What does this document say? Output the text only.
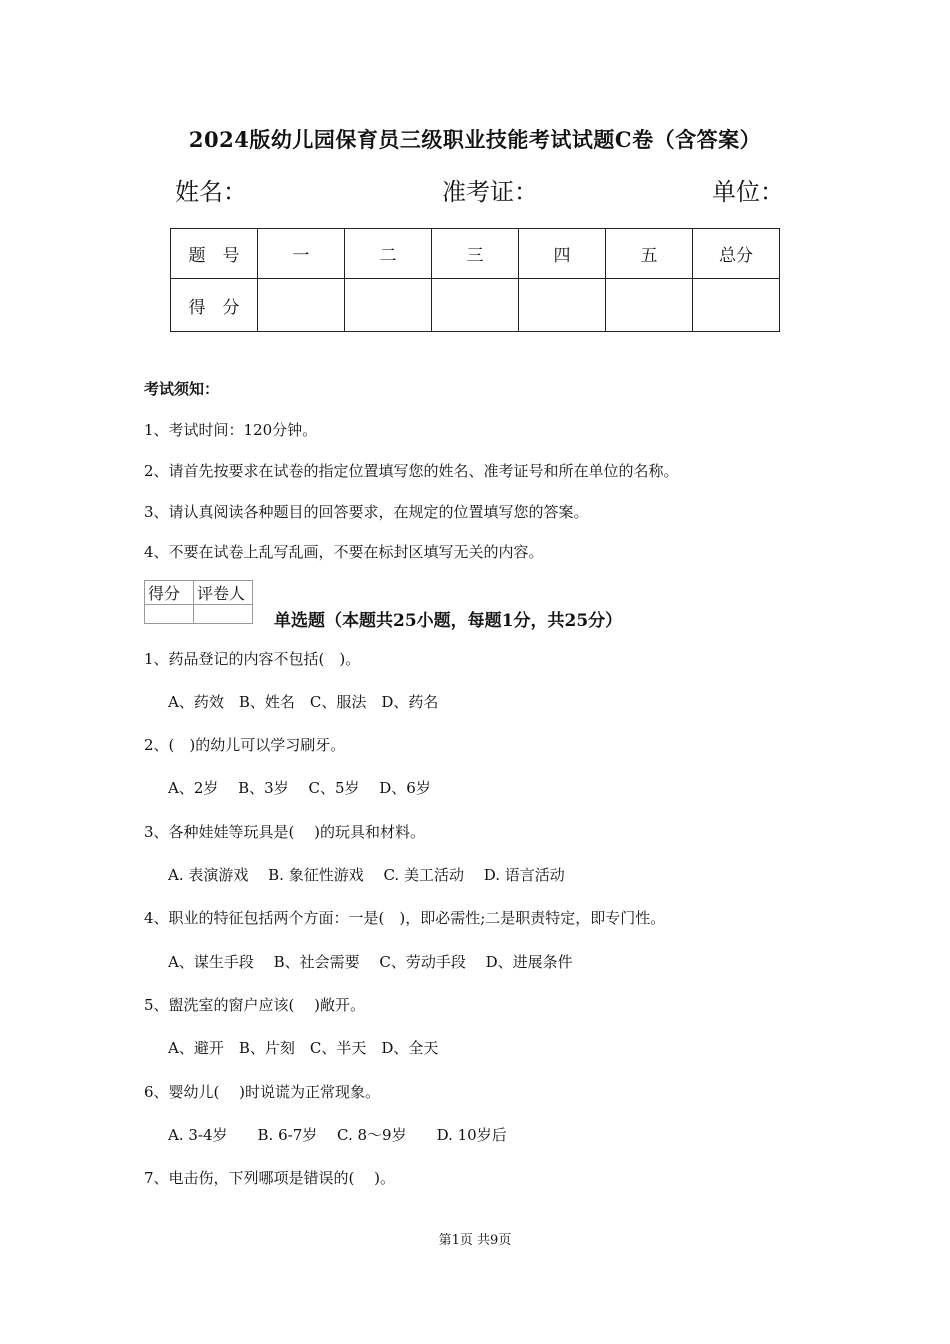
2024版幼儿园保育员三级职业技能考试试题C卷（含答案）
姓名：	准考证：	单位：
题　号	一	二	三	四	五	总分
得　分						
考试须知：
1、考试时间：120分钟。
2、请首先按要求在试卷的指定位置填写您的姓名、准考证号和所在单位的名称。
3、请认真阅读各种题目的回答要求，在规定的位置填写您的答案。
4、不要在试卷上乱写乱画，不要在标封区填写无关的内容。
得分	评卷人

单选题（本题共25小题，每题1分，共25分）
1、药品登记的内容不包括(　)。
A、药效　B、姓名　C、服法　D、药名
2、(　)的幼儿可以学习刷牙。
A、2岁　 B、3岁　 C、5岁　 D、6岁
3、各种娃娃等玩具是(　 )的玩具和材料。
A. 表演游戏　 B. 象征性游戏　 C. 美工活动　 D. 语言活动
4、职业的特征包括两个方面：一是(　)，即必需性;二是职责特定，即专门性。
A、谋生手段　 B、社会需要　 C、劳动手段　 D、进展条件
5、盥洗室的窗户应该(　 )敞开。
A、避开　B、片刻　C、半天　D、全天
6、婴幼儿(　 )时说谎为正常现象。
A. 3-4岁　　B. 6-7岁　 C. 8～9岁　　D. 10岁后
7、电击伤，下列哪项是错误的(　 )。
第1页 共9页
